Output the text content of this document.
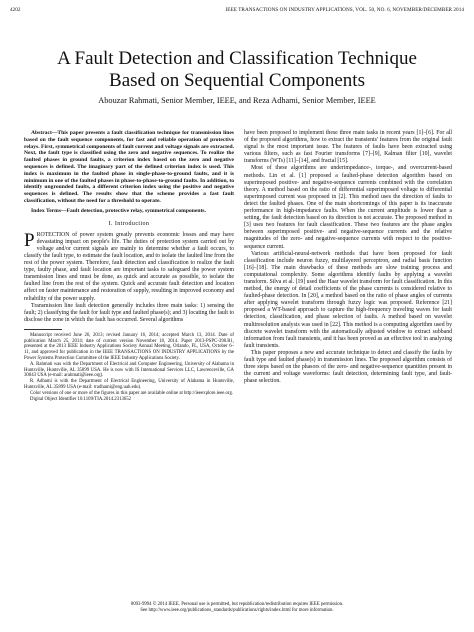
4202	IEEE TRANSACTIONS ON INDUSTRY APPLICATIONS, VOL. 50, NO. 6, NOVEMBER/DECEMBER 2014
A Fault Detection and Classification Technique
Based on Sequential Components
Abouzar Rahmati, Senior Member, IEEE, and Reza Adhami, Senior Member, IEEE

Abstract—This paper presents a fault classification technique for transmission lines based on the fault sequence components, for fast and reliable operation of protective relays. First, symmetrical components of fault current and voltage signals are extracted. Next, the fault type is classified using the zero and negative sequences. To realize the faulted phases in ground faults, a criterion index based on the zero and negative sequences is defined. The imaginary part of the defined criterion index is used. This index is maximum in the faulted phase in single-phase-to-ground faults, and it is minimum in one of the faulted phases in phase-to-phase-to-ground faults. In addition, to identify ungrounded faults, a different criterion index using the positive and negative sequences is defined. The results show that the scheme provides a fast fault classification, without the need for a threshold to operate.

Index Terms—Fault detection, protective relay, symmetrical components.

I. Introduction

PROTECTION of power system greatly prevents economic losses and may have devastating impact on people's life. The duties of protection system carried out by voltage and/or current signals are mainly to determine whether a fault occurs, to classify the fault type, to estimate the fault location, and to isolate the faulted line from the rest of the power system. Therefore, fault detection and classification to realize the fault type, faulty phase, and fault location are important tasks to safeguard the power system transmission lines and must be done, as quick and accurate as possible, to isolate the faulted line from the rest of the system. Quick and accurate fault detection and location affect on faster maintenance and restoration of supply, resulting in improved economy and reliability of the power supply.

Transmission line fault detection generally includes three main tasks: 1) sensing the fault; 2) classifying the fault for fault type and faulted phase(s); and 3) locating the fault to disclose the zone in which the fault has occurred. Several algorithms

Manuscript received June 26, 2013; revised January 16, 2014; accepted March 13, 2014. Date of publication March 25, 2014; date of current version November 18, 2014. Paper 2013-PSPC-398.R1, presented at the 2013 IEEE Industry Applications Society Annual Meeting, Orlando, FL, USA, October 6–11, and approved for publication in the IEEE TRANSACTIONS ON INDUSTRY APPLICATIONS by the Power Systems Protection Committee of the IEEE Industry Applications Society.

A. Rahmati was with the Department of Electrical and Computer Engineering, University of Alabama in Huntsville, Huntsville, AL 35899 USA. He is now with IS International Services LLC, Lawrenceville, GA 30043 USA (e-mail: arahmati@ieee.org).

R. Adhami is with the Department of Electrical Engineering, University of Alabama in Huntsville, Huntsville, AL 35899 USA (e-mail: rradhami@eng.uah.edu).

Color versions of one or more of the figures in this paper are available online at http://ieeexplore.ieee.org.

Digital Object Identifier 10.1109/TIA.2014.2313652

have been proposed to implement these three main tasks in recent years [1]–[6]. For all of the proposed algorithms, how to extract the transients' features from the original fault signal is the most important issue. The features of faults have been extracted using various filters, such as fast Fourier transforms [7]–[9], Kalman filter [10], wavelet transforms (WTs) [11]–[14], and fractal [15].

Most of these algorithms are underimpedance-, torque-, and overcurrent-based methods. Lin et al. [1] proposed a faulted-phase detection algorithm based on superimposed positive- and negative-sequence currents combined with the correlation theory. A method based on the ratio of differential superimposed voltage to differential superimposed current was proposed in [2]. This method uses the direction of faults to detect the faulted phases. One of the main shortcomings of this paper is its inaccurate performance in high-impedance faults. When the current amplitude is lower than a setting, the fault detection based on its direction is not accurate. The proposed method in [3] uses two features for fault classification. These two features are the phase angles between superimposed positive- and negative-sequence currents and the relative magnitudes of the zero- and negative-sequence currents with respect to the positive-sequence current.

Various artificial-neural-network methods that have been proposed for fault classification include neuron fuzzy, multilayered perceptron, and radial basis function [16]–[18]. The main drawbacks of these methods are slow training process and computational complexity. Some algorithms identify faults by applying a wavelet transform. Silva et al. [19] used the Haar wavelet transform for fault classification. In this method, the energy of detail coefficients of the phase currents is considered relative to faulted-phase detection. In [20], a method based on the ratio of phase angles of currents after applying wavelet transform through fuzzy logic was proposed. Reference [21] proposed a WT-based approach to capture the high-frequency traveling waves for fault detection, classification, and phase selection of faults. A method based on wavelet multiresolution analysis was used in [22]. This method is a computing algorithm used by discrete wavelet transform with the automatically adjusted window to extract subband information from fault transients, and it has been proved as an effective tool in analyzing fault transients.

This paper proposes a new and accurate technique to detect and classify the faults by fault type and faulted phase(s) in transmission lines. The proposed algorithm consists of three steps based on the phasors of the zero- and negative-sequence quantities present in the current and voltage waveforms: fault detection, determining fault type, and fault-phase selection.

0093-9994 © 2014 IEEE. Personal use is permitted, but republication/redistribution requires IEEE permission.
See http://www.ieee.org/publications_standards/publications/rights/index.html for more information.
